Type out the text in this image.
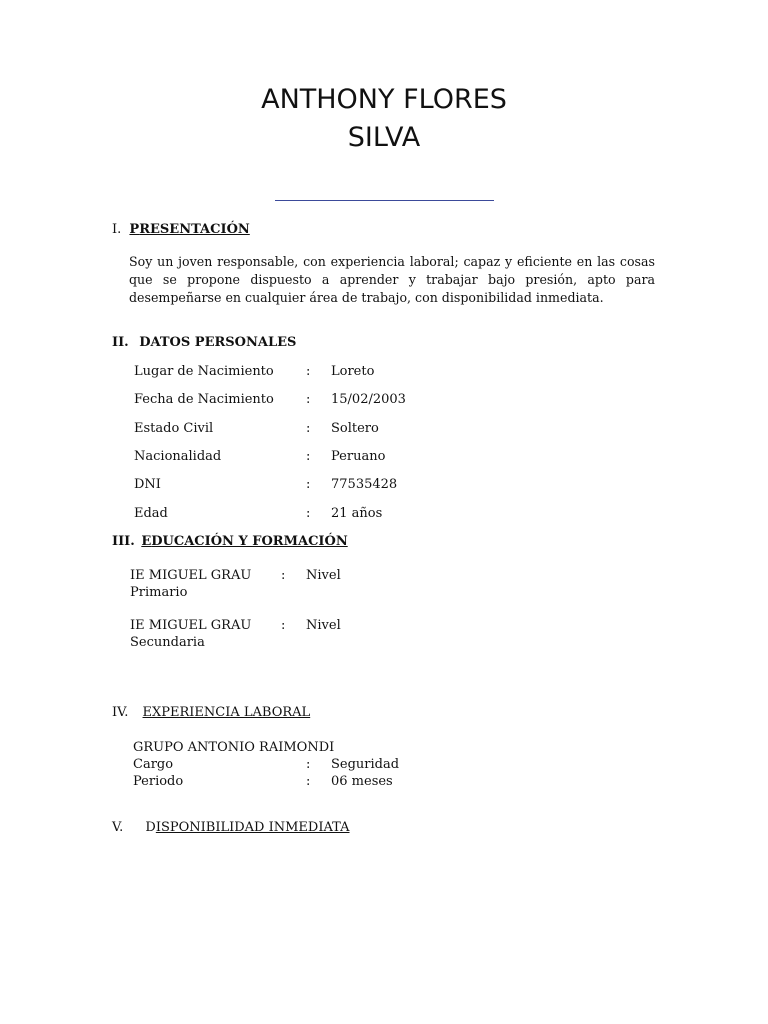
ANTHONY FLORES
SILVA
I. PRESENTACIÓN
Soy un joven responsable, con experiencia laboral; capaz y eficiente en las cosas que se propone dispuesto a aprender y trabajar bajo presión, apto para desempeñarse en cualquier área de trabajo, con disponibilidad inmediata.
II. DATOS PERSONALES
Lugar de Nacimiento : Loreto
Fecha de Nacimiento : 15/02/2003
Estado Civil	: Soltero
Nacionalidad	: Peruano
DNI	: 77535428
Edad	: 21 años
III. EDUCACIÓN Y FORMACIÓN
IE MIGUEL GRAU : Nivel
Primario
IE MIGUEL GRAU : Nivel
Secundaria
IV. EXPERIENCIA LABORAL
GRUPO ANTONIO RAIMONDI
Cargo	: Seguridad
Periodo	: 06 meses
V. DISPONIBILIDAD INMEDIATA
